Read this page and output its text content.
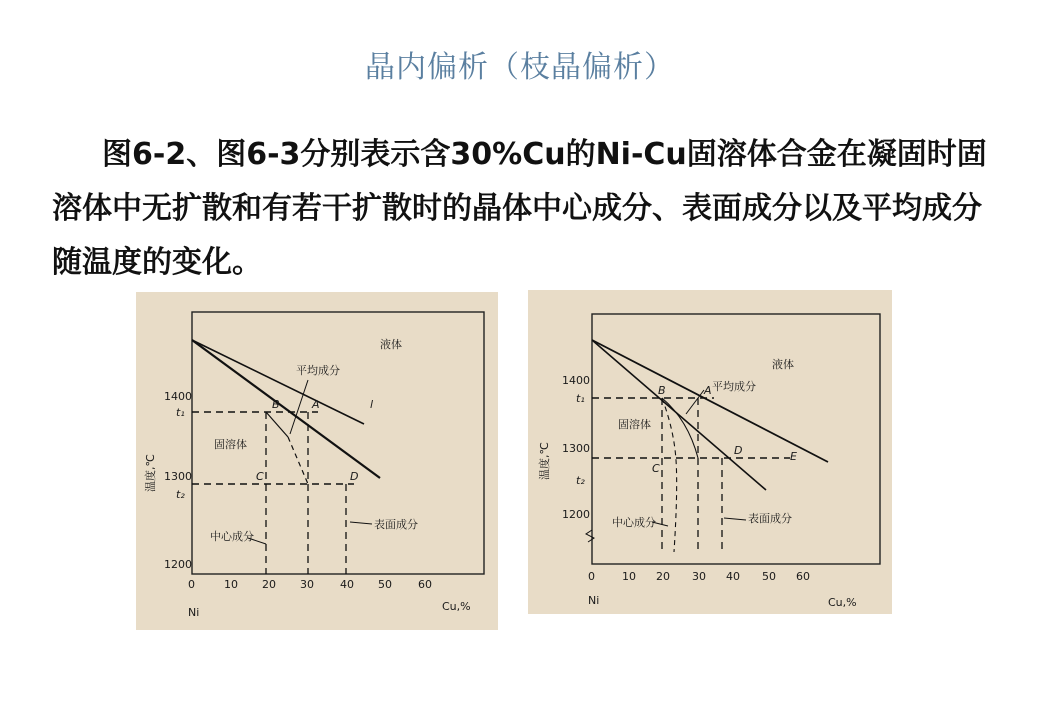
晶内偏析（枝晶偏析）
图6-2、图6-3分别表示含30%Cu的Ni-Cu固溶体合金在凝固时固溶体中无扩散和有若干扩散时的晶体中心成分、表面成分以及平均成分随温度的变化。
液体
平均成分
固溶体
中心成分
表面成分
l
B	A
C	D
t₁
t₂
1400
1300
1200
0	10 20 30 40 50 60
Ni	Cu,%
温度,℃
液体
平均成分
固溶体
中心成分	表面成分
B	A
C
D	E
t₁
t₂
1400
1300
1200
0 10 20 30 40 50 60
Ni	Cu,%
温度,℃
